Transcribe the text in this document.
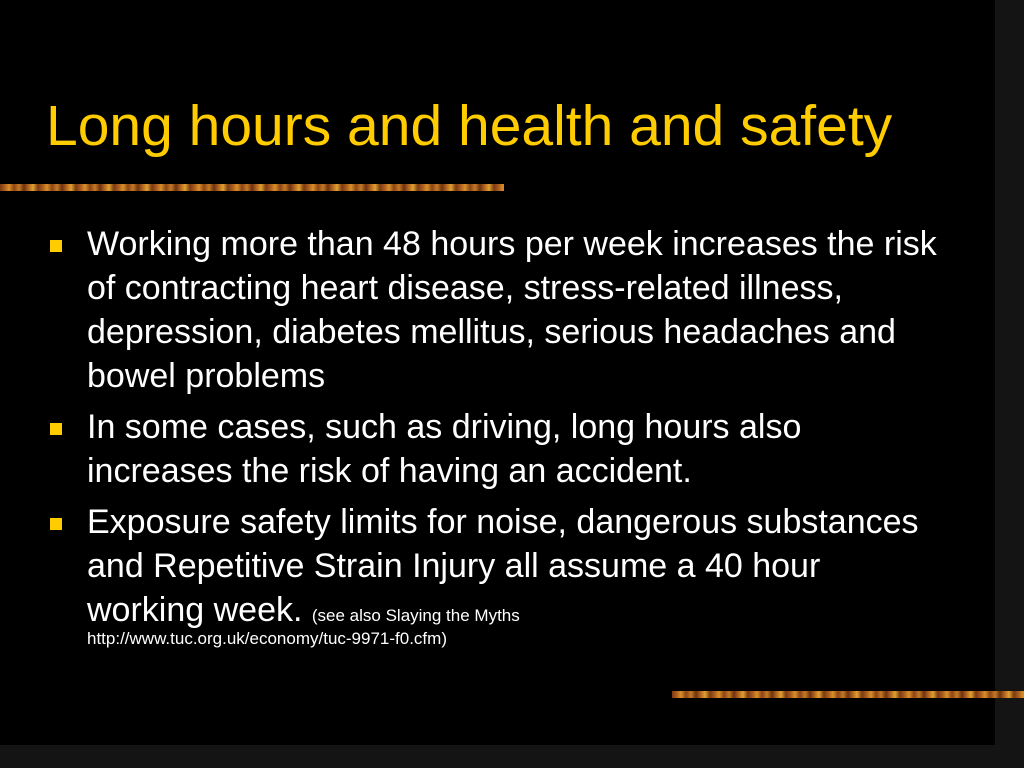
Long hours and health and safety
Working more than 48 hours per week increases the risk of contracting heart disease, stress-related illness, depression, diabetes mellitus, serious headaches and bowel problems
In some cases, such as driving, long hours also increases the risk of having an accident.
Exposure safety limits for noise, dangerous substances and Repetitive Strain Injury all assume a 40 hour working week. (see also Slaying the Myths
http://www.tuc.org.uk/economy/tuc-9971-f0.cfm)
